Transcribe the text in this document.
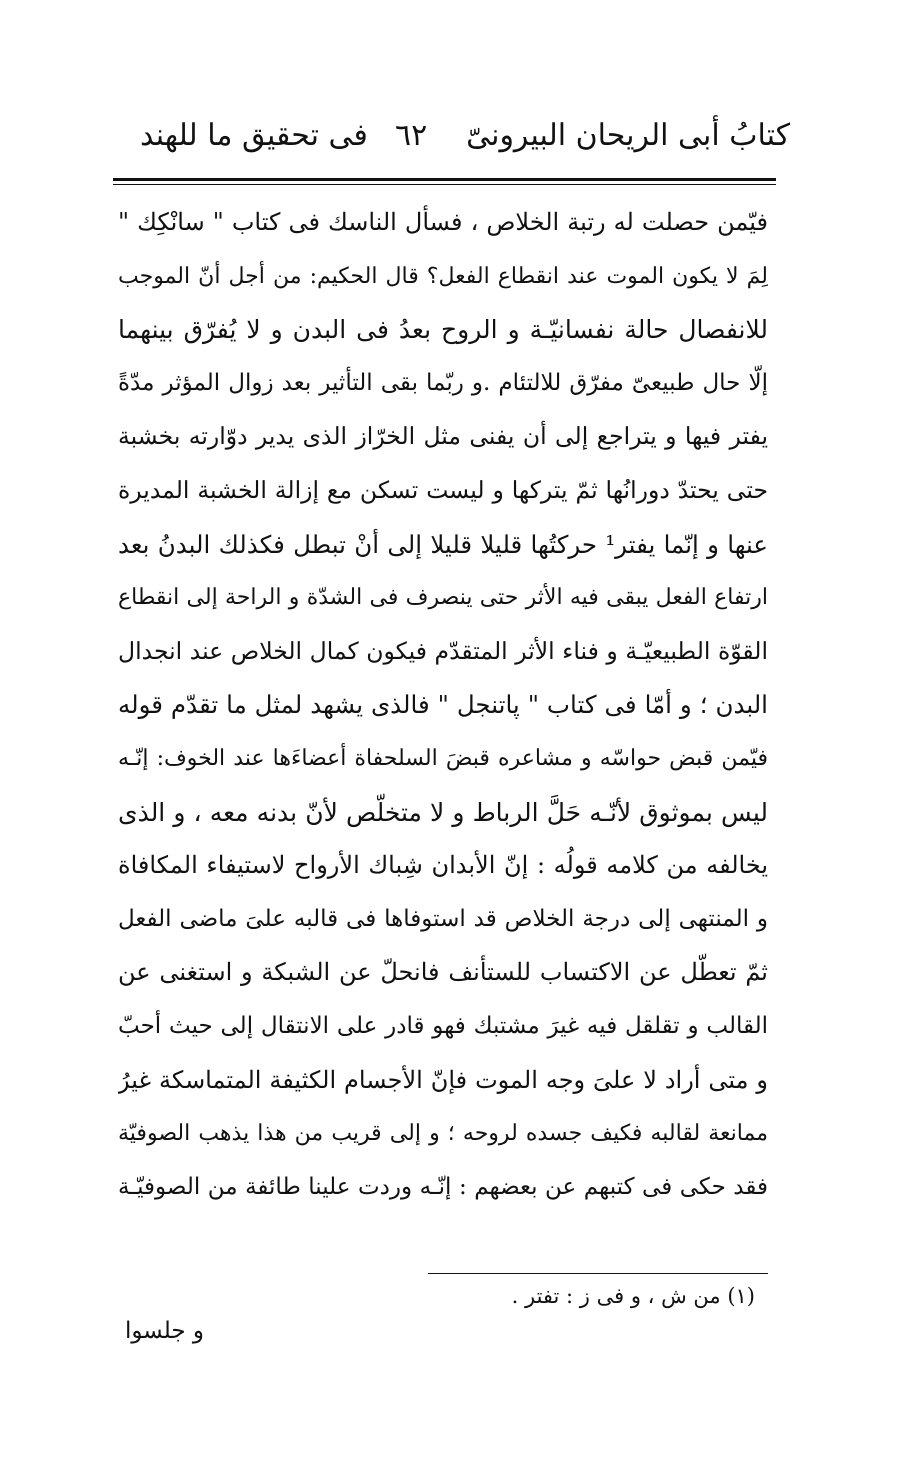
كتابُ أبى الريحان البيرونىّ
٦٢
فى تحقيق ما للهند
فيّمن حصلت له رتبة الخلاص ، فسأل الناسك فى كتاب " سانْكِك "
لِمَ لا يكون الموت عند انقطاع الفعل؟ قال الحكيم: من أجل أنّ الموجب
للانفصال حالة نفسانيّـة و الروح بعدُ فى البدن و لا يُفرّق بينهما
إلّا حال طبيعىّ مفرّق للالتئام .و ربّما بقى التأثير بعد زوال المؤثر مدّةً
يفتر فيها و يتراجع إلى أن يفنى مثل الخرّاز الذى يدير دوّارته بخشبة
حتى يحتدّ دورانُها ثمّ يتركها و ليست تسكن مع إزالة الخشبة المديرة
عنها و إنّما يفتر¹ حركتُها قليلا قليلا إلى أنْ تبطل فكذلك البدنُ بعد
ارتفاع الفعل يبقى فيه الأثر حتى ينصرف فى الشدّة و الراحة إلى انقطاع
القوّة الطبيعيّـة و فناء الأثر المتقدّم فيكون كمال الخلاص عند انجدال
البدن ؛ و أمّا فى كتاب " پاتنجل " فالذى يشهد لمثل ما تقدّم قوله
فيّمن قبض حواسّه و مشاعره قبضَ السلحفاة أعضاءَها عند الخوف: إنّـه
ليس بموثوق لأنّـه حَلَّ الرباط و لا متخلّص لأنّ بدنه معه ، و الذى
يخالفه من كلامه قولُه : إنّ الأبدان شِباك الأرواح لاستيفاء المكافاة
و المنتهى إلى درجة الخلاص قد استوفاها فى قالبه علىَ ماضى الفعل
ثمّ تعطّل عن الاكتساب للستأنف فانحلّ عن الشبكة و استغنى عن
القالب و تقلقل فيه غيرَ مشتبك فهو قادر على الانتقال إلى حيث أحبّ
و متى أراد لا علىَ وجه الموت فإنّ الأجسام الكثيفة المتماسكة غيرُ
ممانعة لقالبه فكيف جسده لروحه ؛ و إلى قريب من هذا يذهب الصوفيّة
فقد حكى فى كتبهم عن بعضهم : إنّـه وردت علينا طائفة من الصوفيّـة
(١) من ش ، و فى ز : تفتر .
و جلسوا
